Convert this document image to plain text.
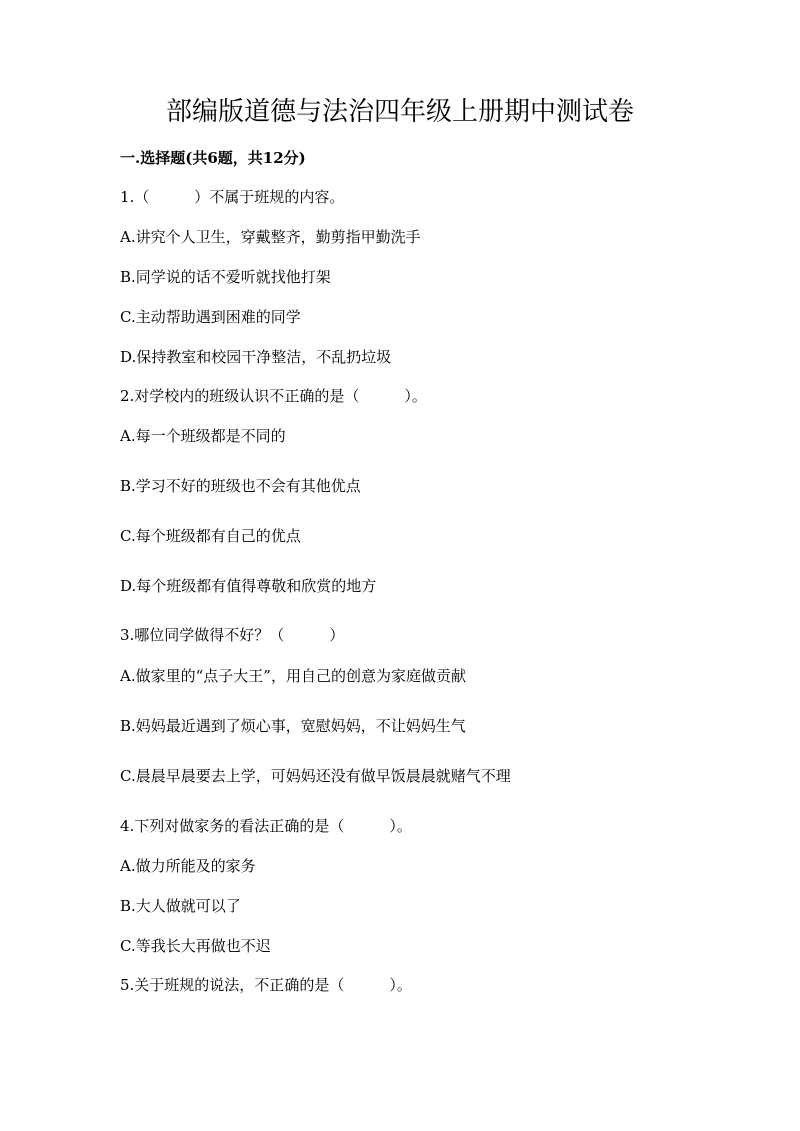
部编版道德与法治四年级上册期中测试卷
一.选择题(共6题，共12分)
1.（　　　）不属于班规的内容。
A.讲究个人卫生，穿戴整齐，勤剪指甲勤洗手
B.同学说的话不爱听就找他打架
C.主动帮助遇到困难的同学
D.保持教室和校园干净整洁，不乱扔垃圾
2.对学校内的班级认识不正确的是（　　　）。
A.每一个班级都是不同的
B.学习不好的班级也不会有其他优点
C.每个班级都有自己的优点
D.每个班级都有值得尊敬和欣赏的地方
3.哪位同学做得不好？（　　　）
A.做家里的“点子大王”，用自己的创意为家庭做贡献
B.妈妈最近遇到了烦心事，宽慰妈妈，不让妈妈生气
C.晨晨早晨要去上学，可妈妈还没有做早饭晨晨就赌气不理
4.下列对做家务的看法正确的是（　　　）。
A.做力所能及的家务
B.大人做就可以了
C.等我长大再做也不迟
5.关于班规的说法，不正确的是（　　　）。
